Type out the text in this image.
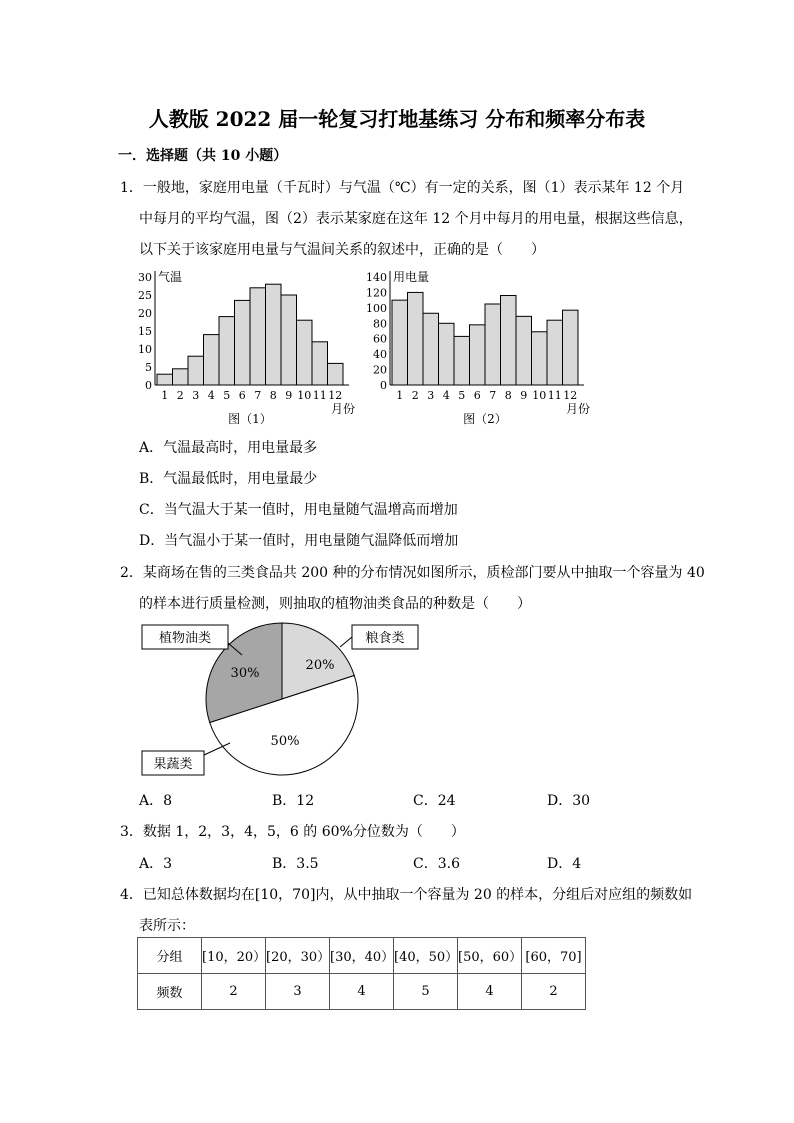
人教版 2022 届一轮复习打地基练习 分布和频率分布表
一．选择题（共 10 小题）
1．一般地，家庭用电量（千瓦时）与气温（℃）有一定的关系，图（1）表示某年 12 个月
中每月的平均气温，图（2）表示某家庭在这年 12 个月中每月的用电量，根据这些信息，
以下关于该家庭用电量与气温间关系的叙述中，正确的是（　　）
0
5
10
15
20
25
30 气温
1 2 3 4 5 6 7 8 9 10 11 12
月份
图（1）
0
20
40
60
80
100
120
140 用电量
1 2 3 4 5 6 7 8 9 10 11 12
月份
图（2）
A．气温最高时，用电量最多
B．气温最低时，用电量最少
C．当气温大于某一值时，用电量随气温增高而增加
D．当气温小于某一值时，用电量随气温降低而增加
2．某商场在售的三类食品共 200 种的分布情况如图所示，质检部门要从中抽取一个容量为 40
的样本进行质量检测，则抽取的植物油类食品的种数是（　　）
20%
50%
30%
粮食类
果蔬类
植物油类
A．8	B．12	C．24	D．30
3．数据 1，2，3，4，5，6 的 60%分位数为（　　）
A．3	B．3.5	C．3.6	D．4
4．已知总体数据均在[10，70]内，从中抽取一个容量为 20 的样本，分组后对应组的频数如
表所示：
分组	[10，20）	[20，30）	[30，40）	[40，50）	[50，60）	[60，70]
频数	2	3	4	5	4	2
